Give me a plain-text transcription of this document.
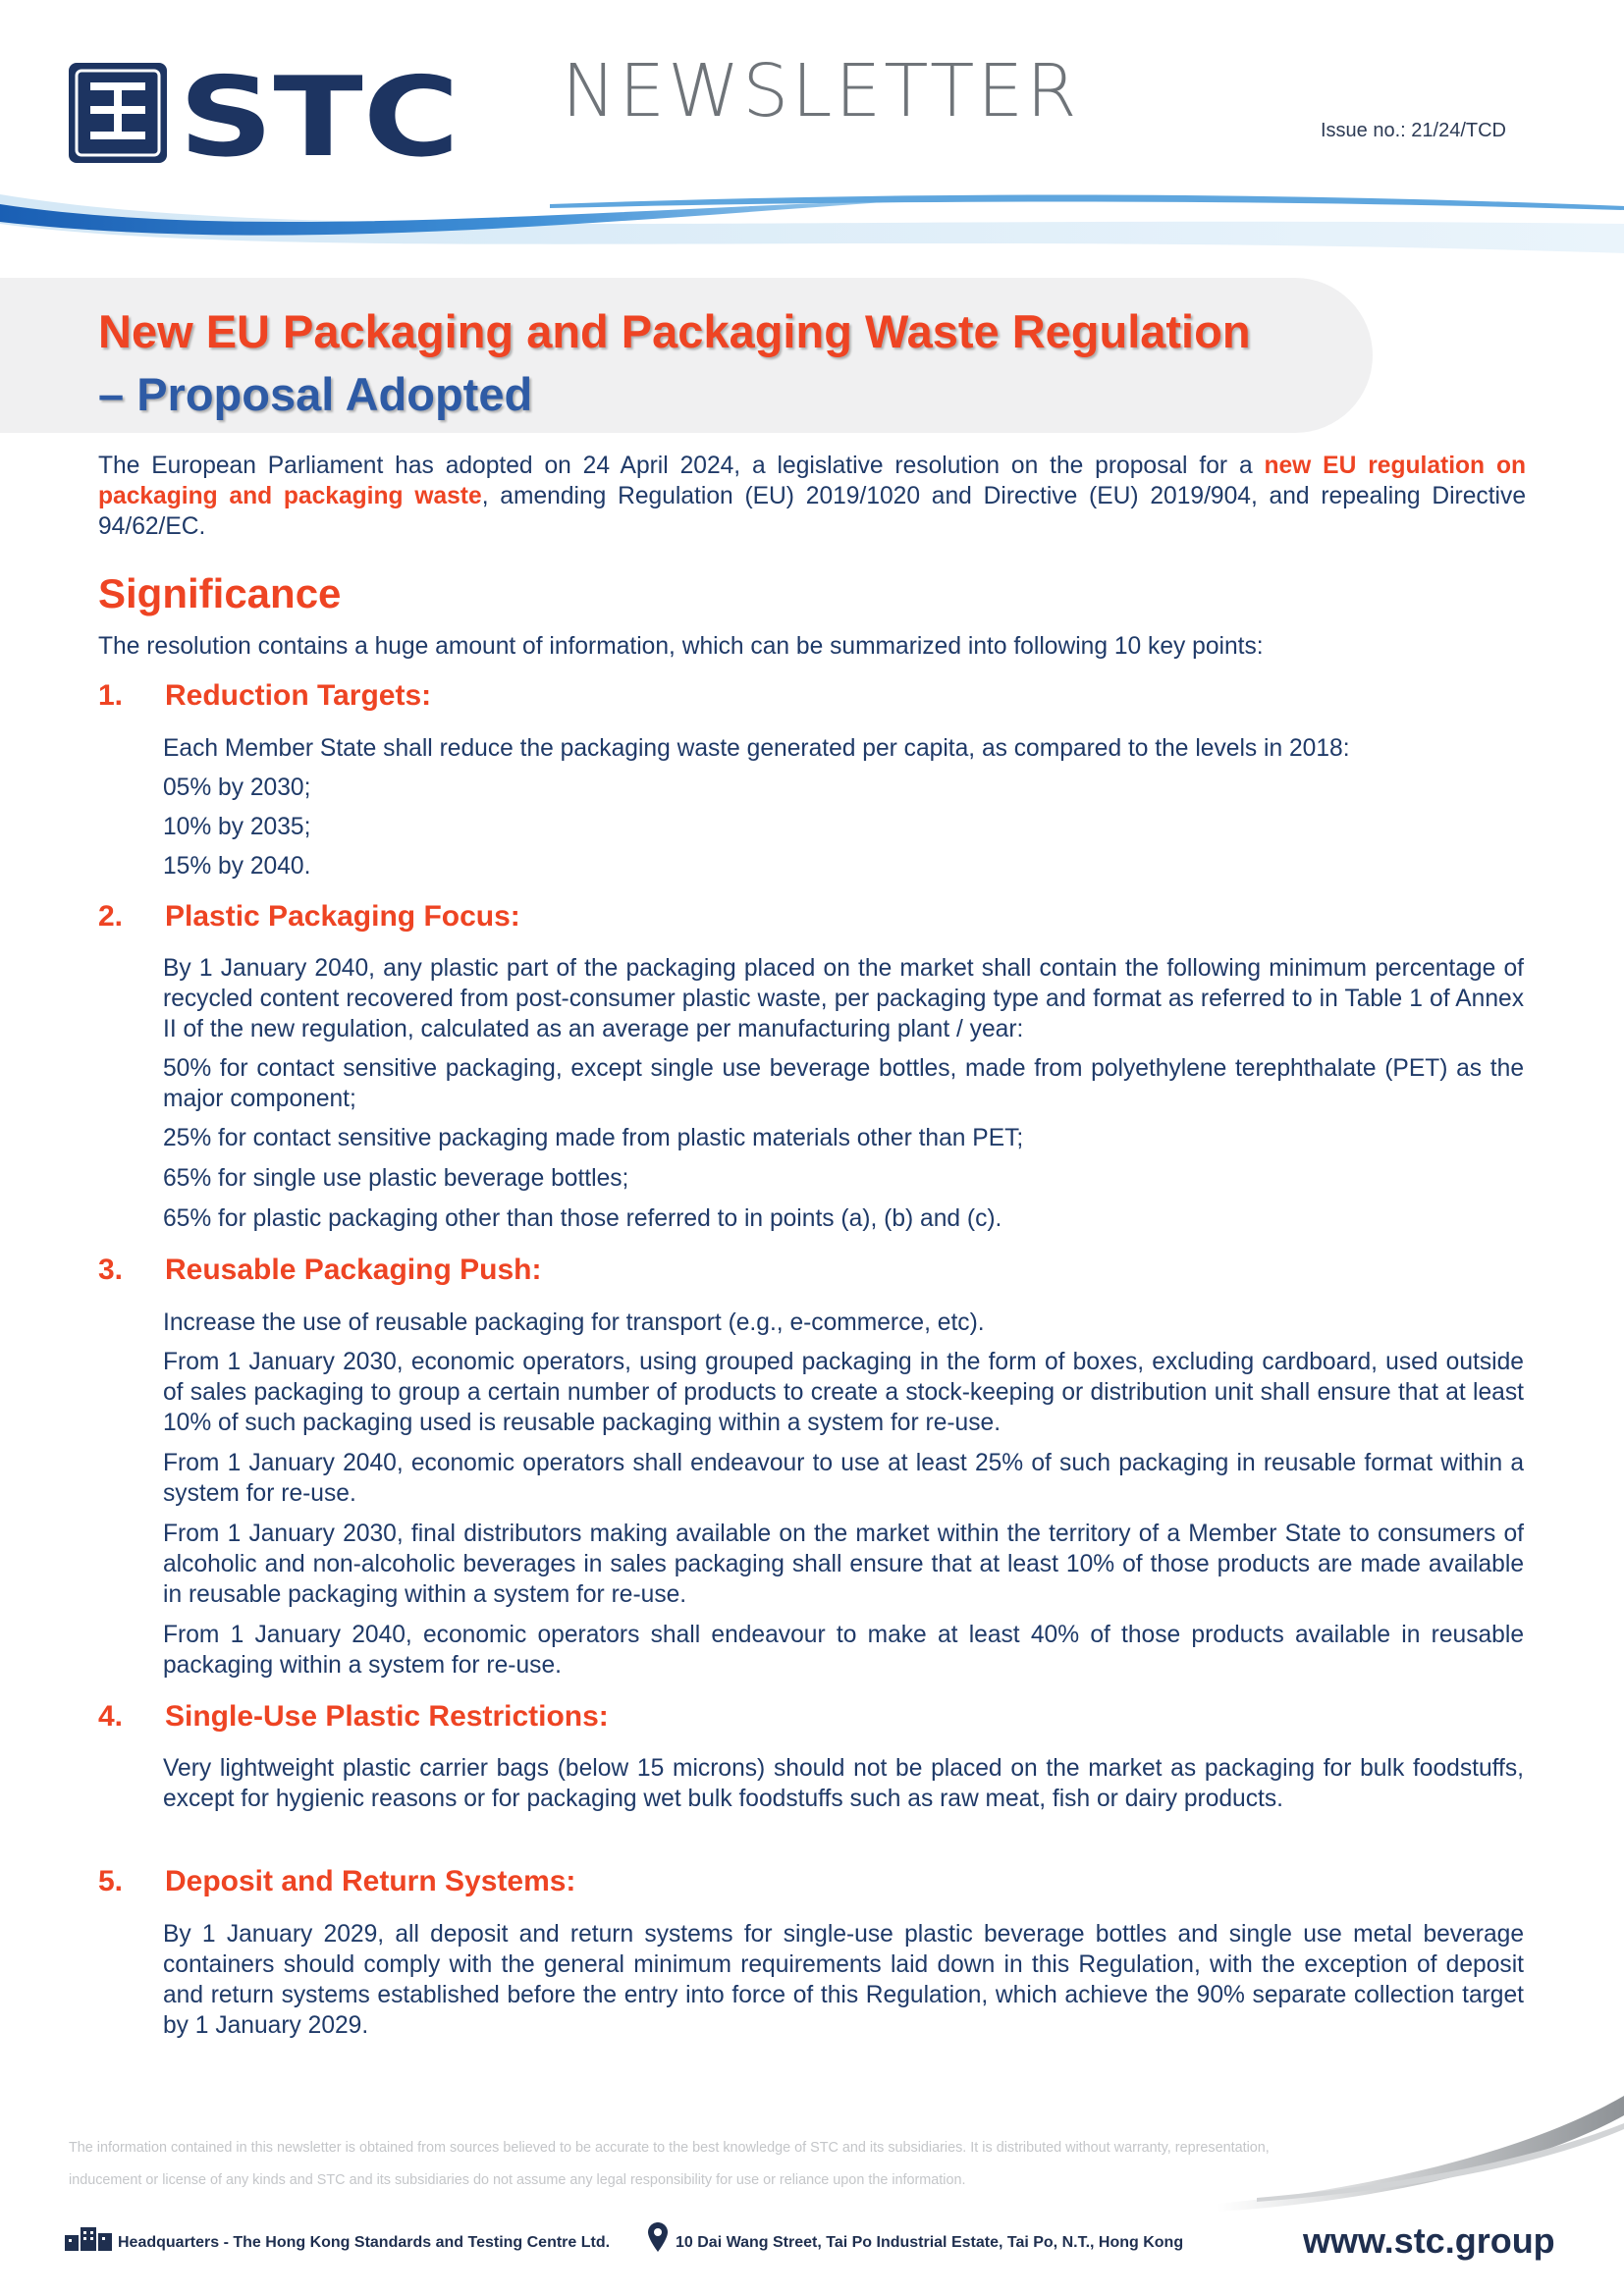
STC NEWSLETTER	Issue no.: 21/24/TCD
New EU Packaging and Packaging Waste Regulation
– Proposal Adopted
The European Parliament has adopted on 24 April 2024, a legislative resolution on the proposal for a new EU regulation on packaging and packaging waste, amending Regulation (EU) 2019/1020 and Directive (EU) 2019/904, and repealing Directive 94/62/EC.
Significance
The resolution contains a huge amount of information, which can be summarized into following 10 key points:
1. Reduction Targets:
Each Member State shall reduce the packaging waste generated per capita, as compared to the levels in 2018:
05% by 2030;
10% by 2035;
15% by 2040.
2. Plastic Packaging Focus:
By 1 January 2040, any plastic part of the packaging placed on the market shall contain the following minimum percentage of recycled content recovered from post-consumer plastic waste, per packaging type and format as referred to in Table 1 of Annex II of the new regulation, calculated as an average per manufacturing plant / year:
50% for contact sensitive packaging, except single use beverage bottles, made from polyethylene terephthalate (PET) as the major component;
25% for contact sensitive packaging made from plastic materials other than PET;
65% for single use plastic beverage bottles;
65% for plastic packaging other than those referred to in points (a), (b) and (c).
3. Reusable Packaging Push:
Increase the use of reusable packaging for transport (e.g., e-commerce, etc).
From 1 January 2030, economic operators, using grouped packaging in the form of boxes, excluding cardboard, used outside of sales packaging to group a certain number of products to create a stock-keeping or distribution unit shall ensure that at least 10% of such packaging used is reusable packaging within a system for re-use.
From 1 January 2040, economic operators shall endeavour to use at least 25% of such packaging in reusable format within a system for re-use.
From 1 January 2030, final distributors making available on the market within the territory of a Member State to consumers of alcoholic and non-alcoholic beverages in sales packaging shall ensure that at least 10% of those products are made available in reusable packaging within a system for re-use.
From 1 January 2040, economic operators shall endeavour to make at least 40% of those products available in reusable packaging within a system for re-use.
4. Single-Use Plastic Restrictions:
Very lightweight plastic carrier bags (below 15 microns) should not be placed on the market as packaging for bulk foodstuffs, except for hygienic reasons or for packaging wet bulk foodstuffs such as raw meat, fish or dairy products.
5. Deposit and Return Systems:
By 1 January 2029, all deposit and return systems for single-use plastic beverage bottles and single use metal beverage containers should comply with the general minimum requirements laid down in this Regulation, with the exception of deposit and return systems established before the entry into force of this Regulation, which achieve the 90% separate collection target by 1 January 2029.
The information contained in this newsletter is obtained from sources believed to be accurate to the best knowledge of STC and its subsidiaries. It is distributed without warranty, representation, inducement or license of any kinds and STC and its subsidiaries do not assume any legal responsibility for use or reliance upon the information.
Headquarters - The Hong Kong Standards and Testing Centre Ltd.	10 Dai Wang Street, Tai Po Industrial Estate, Tai Po, N.T., Hong Kong	www.stc.group
